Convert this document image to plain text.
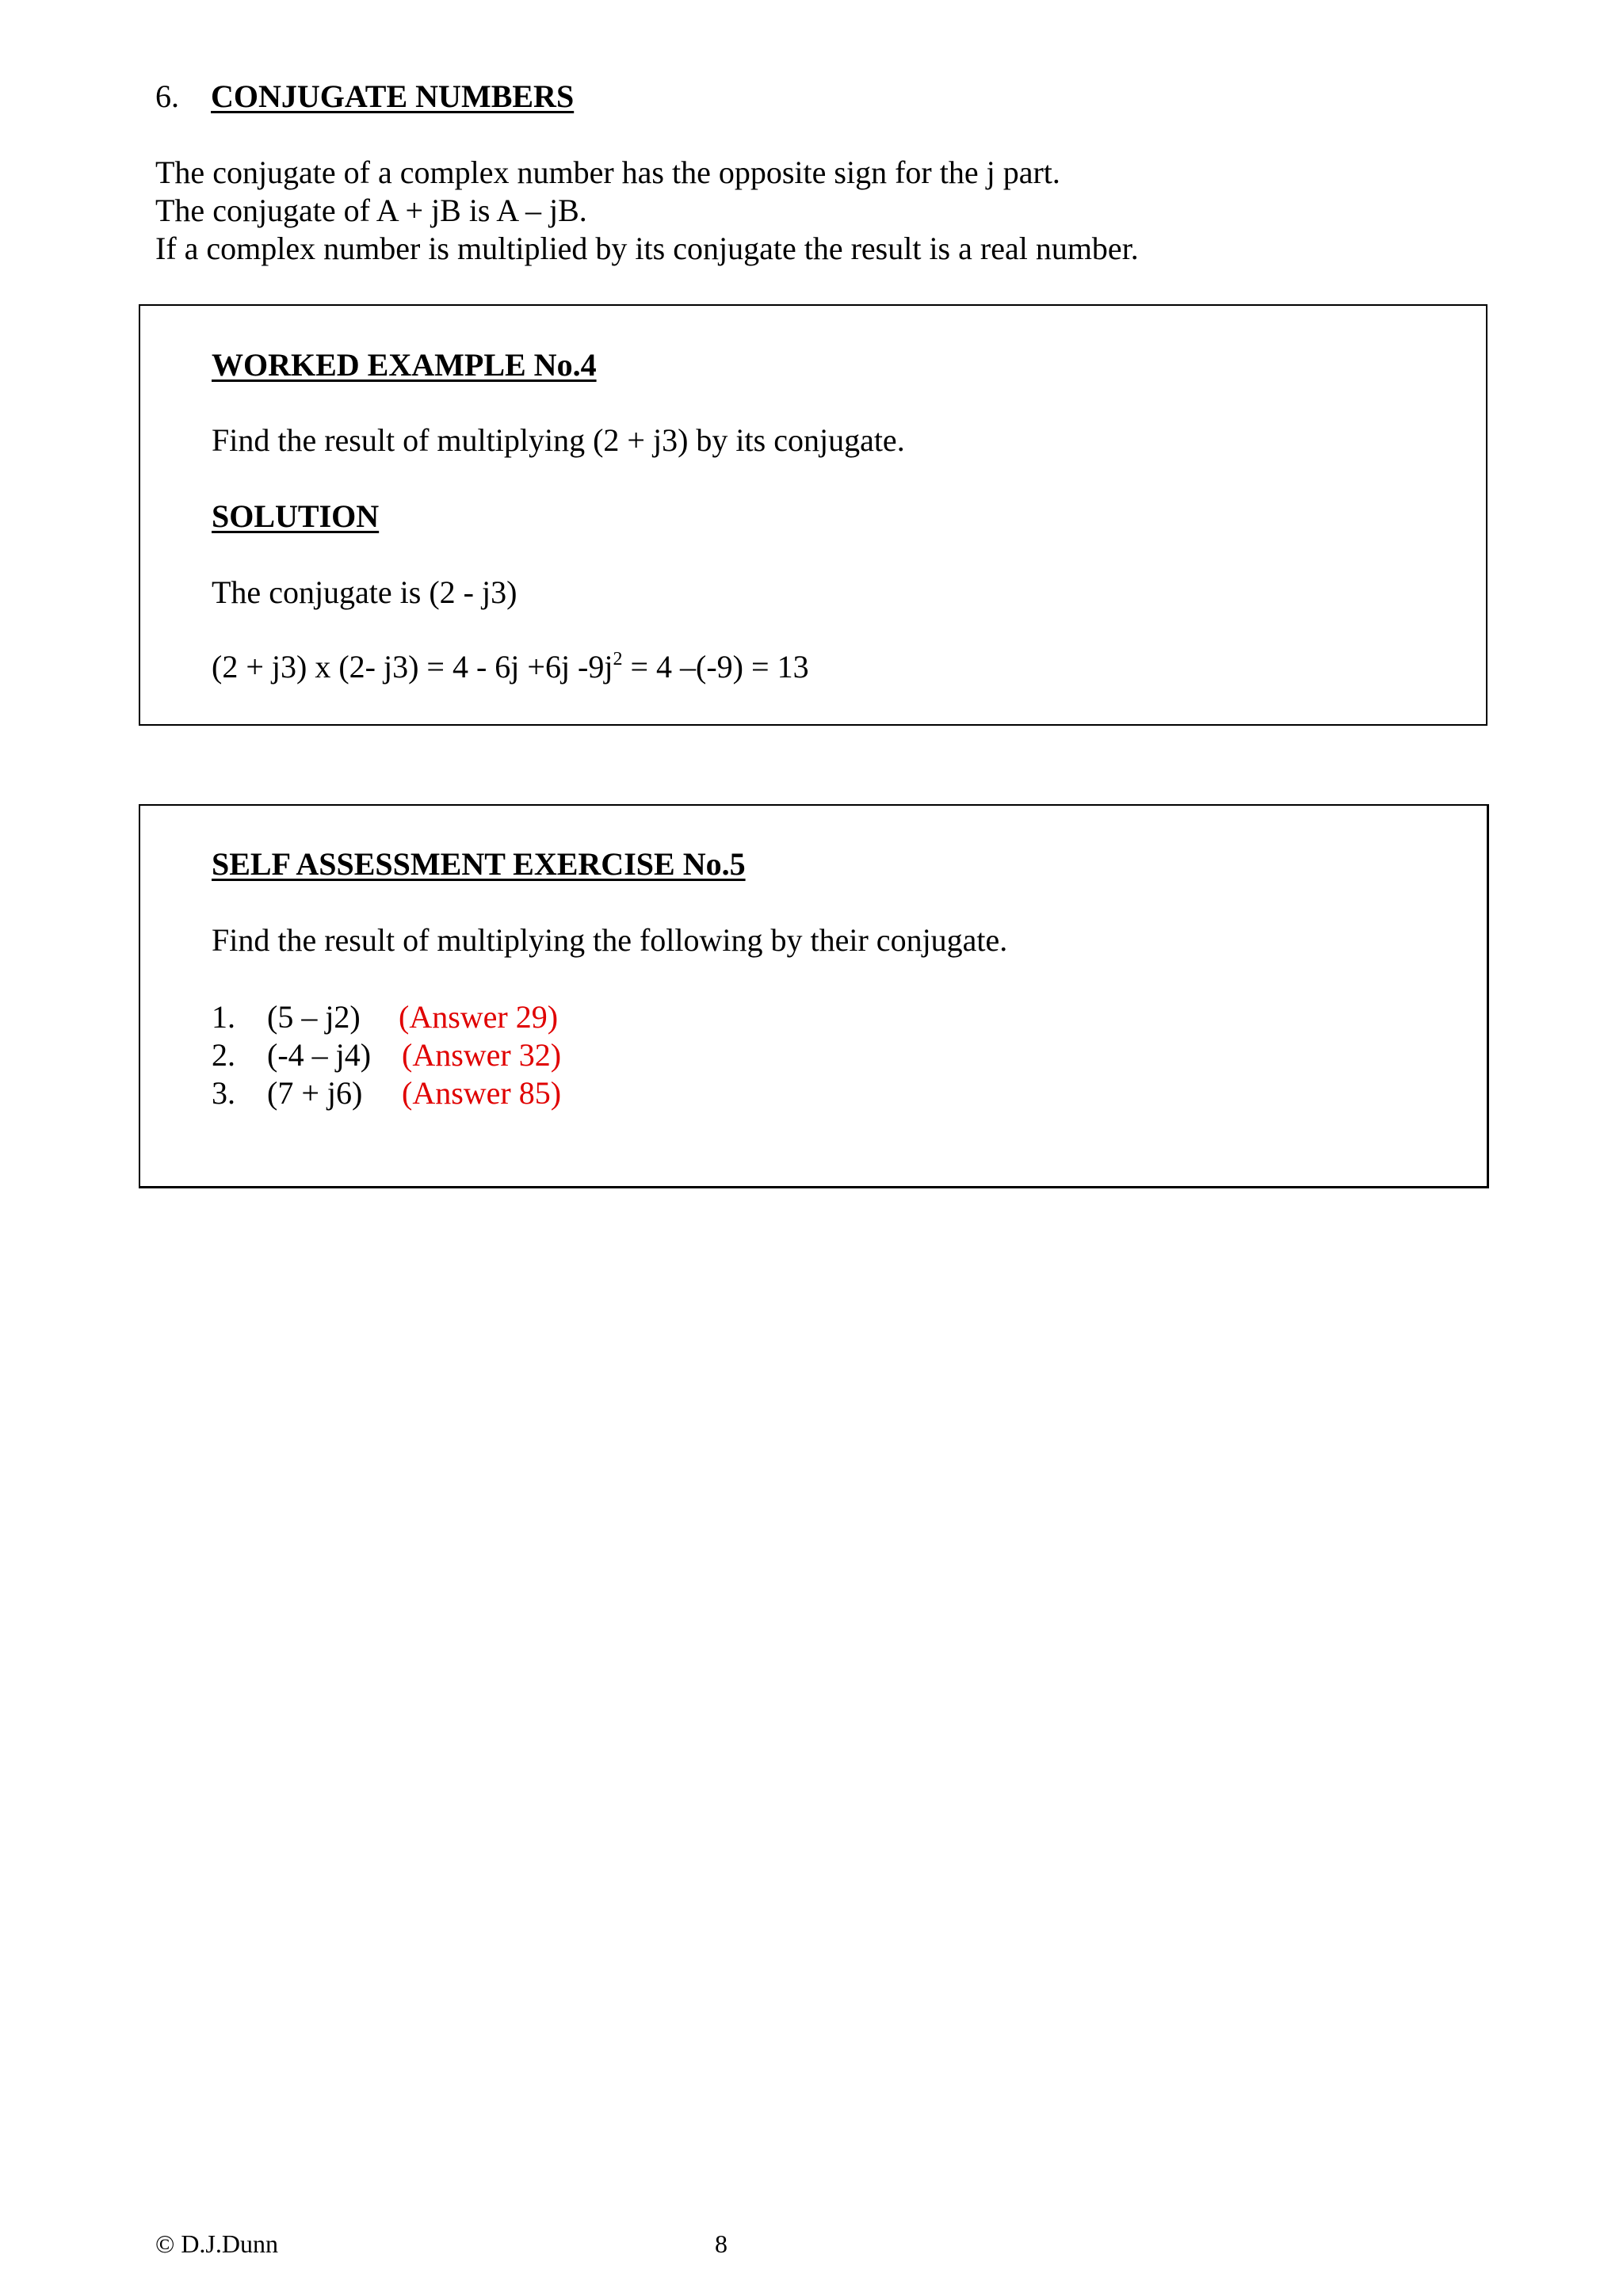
6. CONJUGATE NUMBERS

The conjugate of a complex number has the opposite sign for the j part.

The conjugate of A + jB is A – jB.

If a complex number is multiplied by its conjugate the result is a real number.

WORKED EXAMPLE No.4
Find the result of multiplying (2 + j3) by its conjugate.
SOLUTION
The conjugate is (2 - j3)
(2 + j3) x (2- j3) = 4 - 6j +6j $-9j^2 = 4$ –(-9) = 13
SELF ASSESSMENT EXERCISE No.5
Find the result of multiplying the following by their conjugate.
1.	(5 – j2)	(Answer 29)
2.	(-4 – j4) (Answer 32)
3.	(7 + j6)	(Answer 85)
© D.J.Dunn	8
